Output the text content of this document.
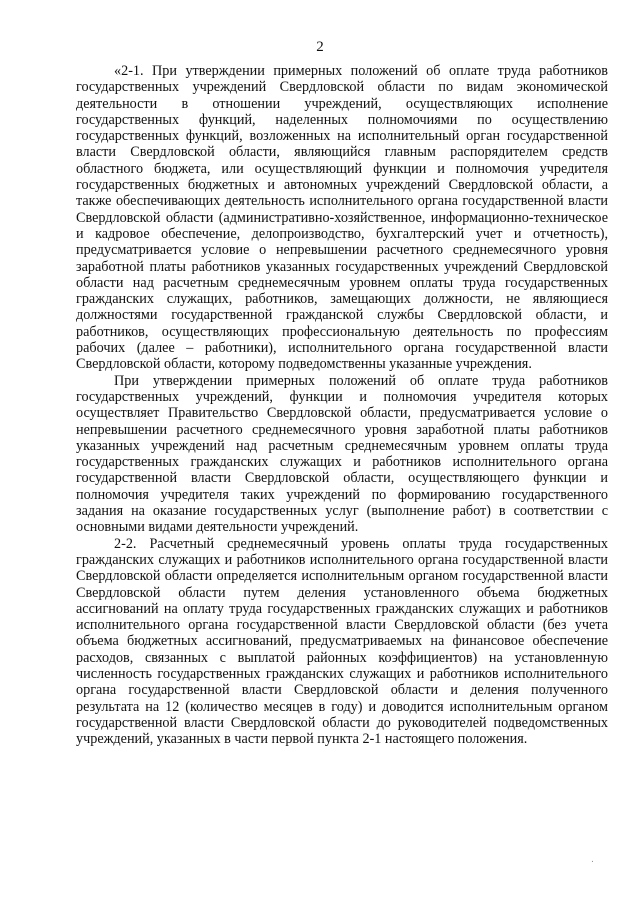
2

«2-1. При утверждении примерных положений об оплате труда работников государственных учреждений Свердловской области по видам экономической деятельности в отношении учреждений, осуществляющих исполнение государственных функций, наделенных полномочиями по осуществлению государственных функций, возложенных на исполнительный орган государственной власти Свердловской области, являющийся главным распорядителем средств областного бюджета, или осуществляющий функции и полномочия учредителя государственных бюджетных и автономных учреждений Свердловской области, а также обеспечивающих деятельность исполнительного органа государственной власти Свердловской области (административно-хозяйственное, информационно-техническое и кадровое обеспечение, делопроизводство, бухгалтерский учет и отчетность), предусматривается условие о непревышении расчетного среднемесячного уровня заработной платы работников указанных государственных учреждений Свердловской области над расчетным среднемесячным уровнем оплаты труда государственных гражданских служащих, работников, замещающих должности, не являющиеся должностями государственной гражданской службы Свердловской области, и работников, осуществляющих профессиональную деятельность по профессиям рабочих (далее – работники), исполнительного органа государственной власти Свердловской области, которому подведомственны указанные учреждения.

При утверждении примерных положений об оплате труда работников государственных учреждений, функции и полномочия учредителя которых осуществляет Правительство Свердловской области, предусматривается условие о непревышении расчетного среднемесячного уровня заработной платы работников указанных учреждений над расчетным среднемесячным уровнем оплаты труда государственных гражданских служащих и работников исполнительного органа государственной власти Свердловской области, осуществляющего функции и полномочия учредителя таких учреждений по формированию государственного задания на оказание государственных услуг (выполнение работ) в соответствии с основными видами деятельности учреждений.

2-2. Расчетный среднемесячный уровень оплаты труда государственных гражданских служащих и работников исполнительного органа государственной власти Свердловской области определяется исполнительным органом государственной власти Свердловской области путем деления установленного объема бюджетных ассигнований на оплату труда государственных гражданских служащих и работников исполнительного органа государственной власти Свердловской области (без учета объема бюджетных ассигнований, предусматриваемых на финансовое обеспечение расходов, связанных с выплатой районных коэффициентов) на установленную численность государственных гражданских служащих и работников исполнительного органа государственной власти Свердловской области и деления полученного результата на 12 (количество месяцев в году) и доводится исполнительным органом государственной власти Свердловской области до руководителей подведомственных учреждений, указанных в части первой пункта 2-1 настоящего положения.

.
